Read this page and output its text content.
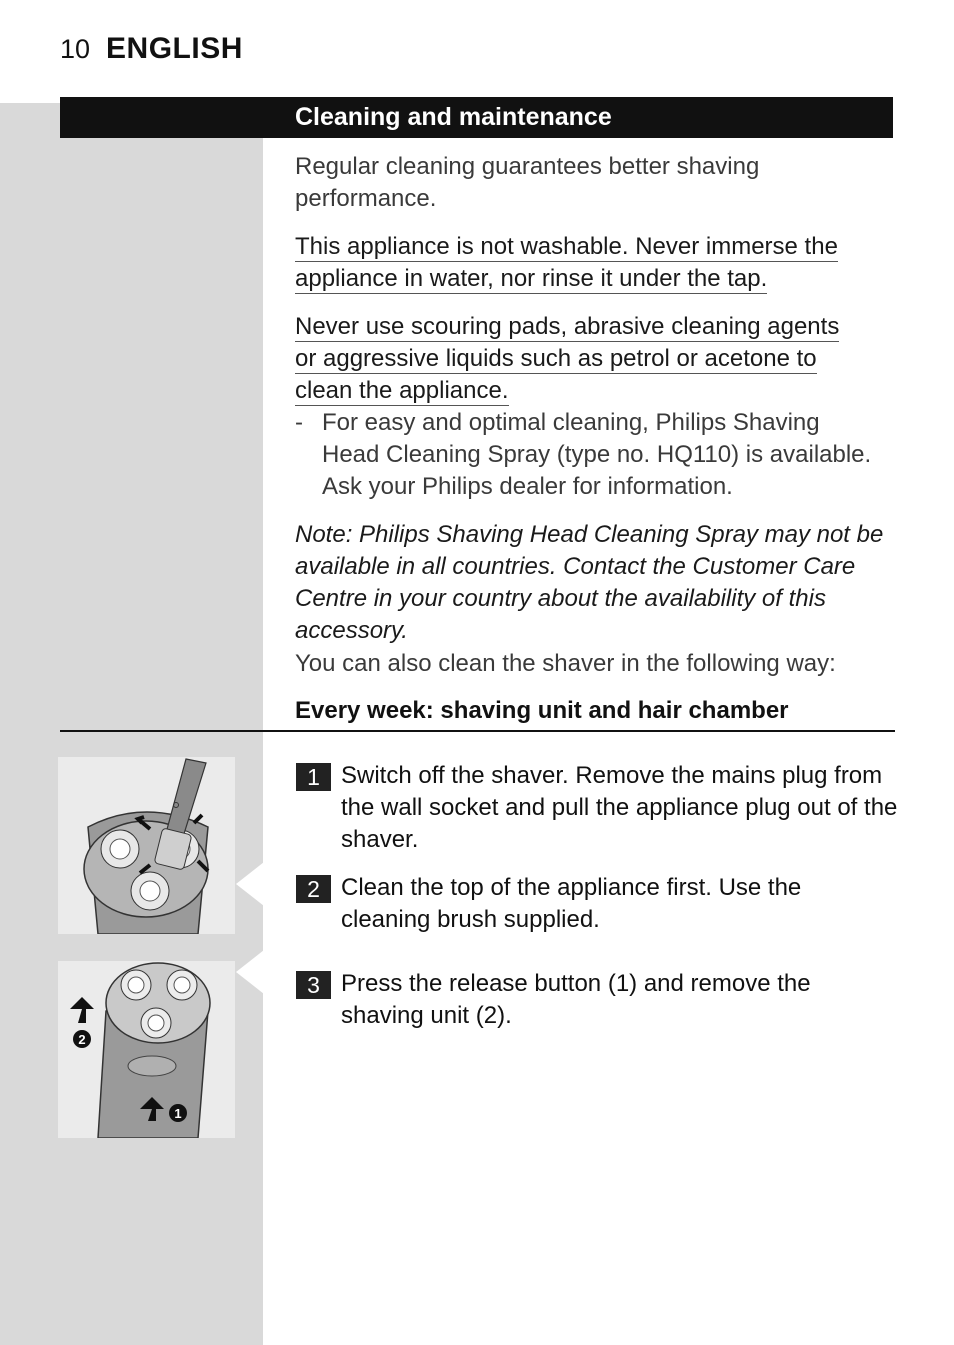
10 ENGLISH
Cleaning and maintenance
Regular cleaning guarantees better shaving performance.
This appliance is not washable. Never immerse the
appliance in water, nor rinse it under the tap.
Never use scouring pads, abrasive cleaning agents
or aggressive liquids such as petrol or acetone to
clean the appliance.
- For easy and optimal cleaning, Philips Shaving Head Cleaning Spray (type no. HQ110) is available. Ask your Philips dealer for information.
Note: Philips Shaving Head Cleaning Spray may not be available in all countries. Contact the Customer Care Centre in your country about the availability of this accessory.
You can also clean the shaver in the following way:
Every week: shaving unit and hair chamber
2
1
1 Switch off the shaver. Remove the mains plug from the wall socket and pull the appliance plug out of the shaver.
2 Clean the top of the appliance first. Use the cleaning brush supplied.
3 Press the release button (1) and remove the shaving unit (2).
